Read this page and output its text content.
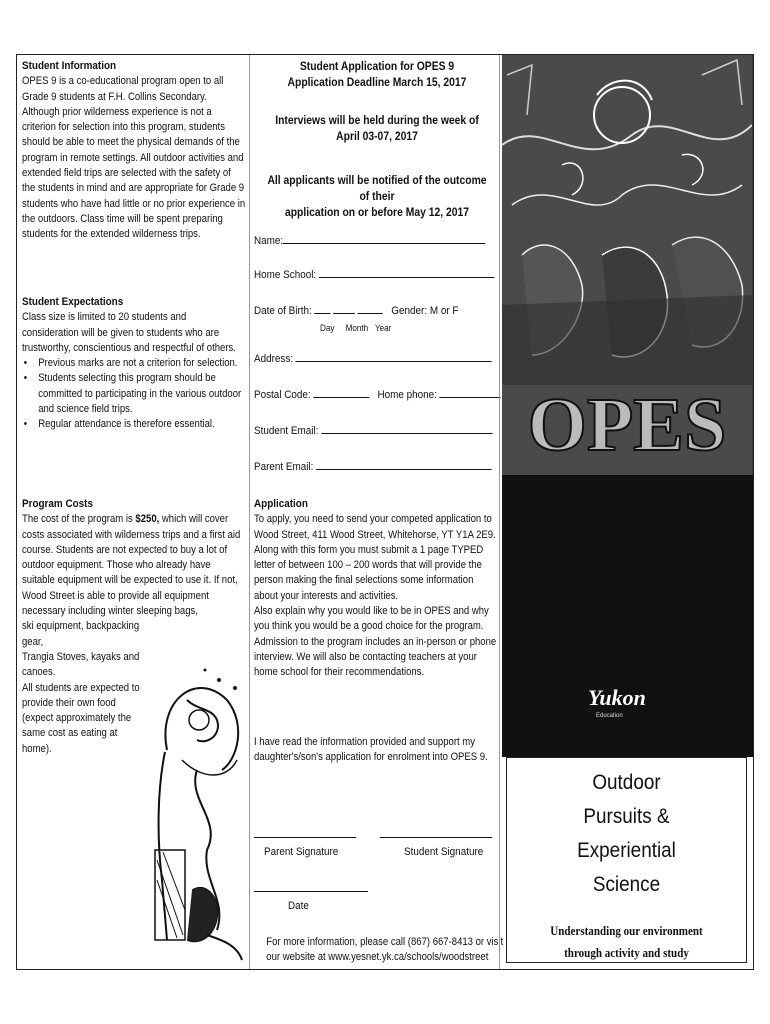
Student Information

OPES 9 is a co-educational program open to all Grade 9 students at F.H. Collins Secondary. Although prior wilderness experience is not a criterion for selection into this program, students should be able to meet the physical demands of the program in remote settings. All outdoor activities and extended field trips are selected with the safety of the students in mind and are appropriate for Grade 9 students who have had little or no prior experience in the outdoors. Class time will be spent preparing students for the extended wilderness trips.

Student Expectations

Class size is limited to 20 students and consideration will be given to students who are trustworthy, conscientious and respectful of others.

• Previous marks are not a criterion for selection.
• Students selecting this program should be committed to participating in the various outdoor and science field trips.
• Regular attendance is therefore essential.

Program Costs

The cost of the program is $250, which will cover costs associated with wilderness trips and a first aid course. Students are not expected to buy a lot of outdoor equipment. Those who already have suitable equipment will be expected to use it. If not, Wood Street is able to provide all equipment necessary including winter sleeping bags,

ski equipment, backpacking gear,
Trangia Stoves, kayaks and
canoes.
All students are expected to
provide their own food
(expect approximately the
same cost as eating at
home).
Student Application for OPES 9
Application Deadline March 15, 2017
Interviews will be held during the week of
April 03-07, 2017
All applicants will be notified of the outcome of their
application on or before May 12, 2017
Name:
Home School:
Date of Birth:	Gender: M or F
Day Month Year
Address:
Postal Code:	Home phone:
Student Email:
Parent Email:

Application

To apply, you need to send your competed application to Wood Street, 411 Wood Street, Whitehorse, YT Y1A 2E9. Along with this form you must submit a 1 page TYPED letter of between 100 – 200 words that will provide the person making the final selections some information about your interests and activities.

Also explain why you would like to be in OPES and why you think you would be a good choice for the program. Admission to the program includes an in-person or phone interview. We will also be contacting teachers at your home school for their recommendations.

I have read the information provided and support my daughter's/son's application for enrolment into OPES 9.

Parent Signature	Student Signature
Date
For more information, please call (867) 667-8413 or visit
our website at www.yesnet.yk.ca/schools/woodstreet
OPES
Yukon
Education
Outdoor
Pursuits &
Experiential
Science
Understanding our environment
through activity and study
